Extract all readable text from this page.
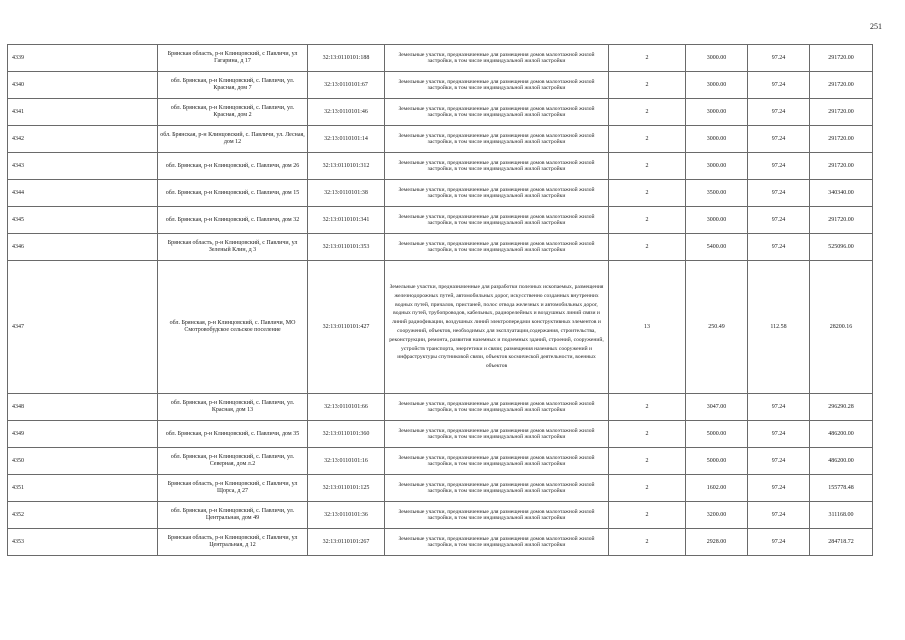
251
4339	Брянская область, р-н Клинцовский, с Павличи, ул Гагарина, д 17	32:13:0110101:188	Земельные участки, предназначенные для размещения домов малоэтажной жилой застройки, в том числе индивидуальной жилой застройки	2	3000.00	97.24	291720.00
4340	обл. Брянская, р-н Клинцовский, с. Павличи, ул. Красная, дом 7	32:13:0110101:67	Земельные участки, предназначенные для размещения домов малоэтажной жилой застройки, в том числе индивидуальной жилой застройки	2	3000.00	97.24	291720.00
4341	обл. Брянская, р-н Клинцовский, с. Павличи, ул. Красная, дом 2	32:13:0110101:46	Земельные участки, предназначенные для размещения домов малоэтажной жилой застройки, в том числе индивидуальной жилой застройки	2	3000.00	97.24	291720.00
4342	обл. Брянская, р-н Клинцовский, с. Павличи, ул. Лесная, дом 12	32:13:0110101:14	Земельные участки, предназначенные для размещения домов малоэтажной жилой застройки, в том числе индивидуальной жилой застройки	2	3000.00	97.24	291720.00
4343	обл. Брянская, р-н Клинцовский, с. Павличи, дом 26	32:13:0110101:312	Земельные участки, предназначенные для размещения домов малоэтажной жилой застройки, в том числе индивидуальной жилой застройки	2	3000.00	97.24	291720.00
4344	обл. Брянская, р-н Клинцовский, с. Павличи, дом 15	32:13:0110101:38	Земельные участки, предназначенные для размещения домов малоэтажной жилой застройки, в том числе индивидуальной жилой застройки	2	3500.00	97.24	340340.00
4345	обл. Брянская, р-н Клинцовский, с. Павличи, дом 32	32:13:0110101:341	Земельные участки, предназначенные для размещения домов малоэтажной жилой застройки, в том числе индивидуальной жилой застройки	2	3000.00	97.24	291720.00
4346	Брянская область, р-н Клинцовский, с Павличи, ул Зеленый Клин, д 3	32:13:0110101:353	Земельные участки, предназначенные для размещения домов малоэтажной жилой застройки, в том числе индивидуальной жилой застройки	2	5400.00	97.24	525096.00
4347	обл. Брянская, р-н Клинцовский, с. Павличи, МО Смотровобудское сельское поселение	32:13:0110101:427	Земельные участки, предназначенные для разработки полезных ископаемых, размещения железнодорожных путей, автомобильных дорог, искусственно созданных внутренних водных путей, причалов, пристаней, полос отвода железных и автомобильных дорог, водных путей, трубопроводов, кабельных, радиорелейных и воздушных линий связи и линий радиофикации, воздушных линий электропередачи конструктивных элементов и сооружений, объектов, необходимых для эксплуатации,содержания, строительства, реконструкции, ремонта, развития наземных и подземных зданий, строений, сооружений, устройств транспорта, энергетики и связи; размещения наземных сооружений и инфраструктуры спутниковой связи, объектов космической деятельности, военных объектов	13	250.49	112.58	28200.16
4348	обл. Брянская, р-н Клинцовский, с. Павличи, ул. Красная, дом 13	32:13:0110101:66	Земельные участки, предназначенные для размещения домов малоэтажной жилой застройки, в том числе индивидуальной жилой застройки	2	3047.00	97.24	296290.28
4349	обл. Брянская, р-н Клинцовский, с. Павличи, дом 35	32:13:0110101:360	Земельные участки, предназначенные для размещения домов малоэтажной жилой застройки, в том числе индивидуальной жилой застройки	2	5000.00	97.24	486200.00
4350	обл. Брянская, р-н Клинцовский, с. Павличи, ул. Северная, дом л.2	32:13:0110101:16	Земельные участки, предназначенные для размещения домов малоэтажной жилой застройки, в том числе индивидуальной жилой застройки	2	5000.00	97.24	486200.00
4351	Брянская область, р-н Клинцовский, с Павличи, ул Щорса, д 27	32:13:0110101:125	Земельные участки, предназначенные для размещения домов малоэтажной жилой застройки, в том числе индивидуальной жилой застройки	2	1602.00	97.24	155778.48
4352	обл. Брянская, р-н Клинцовский, с. Павличи, ул. Центральная, дом 49	32:13:0110101:36	Земельные участки, предназначенные для размещения домов малоэтажной жилой застройки, в том числе индивидуальной жилой застройки	2	3200.00	97.24	311168.00
4353	Брянская область, р-н Клинцовский, с Павличи, ул Центральная, д 12	32:13:0110101:267	Земельные участки, предназначенные для размещения домов малоэтажной жилой застройки, в том числе индивидуальной жилой застройки	2	2928.00	97.24	284718.72
